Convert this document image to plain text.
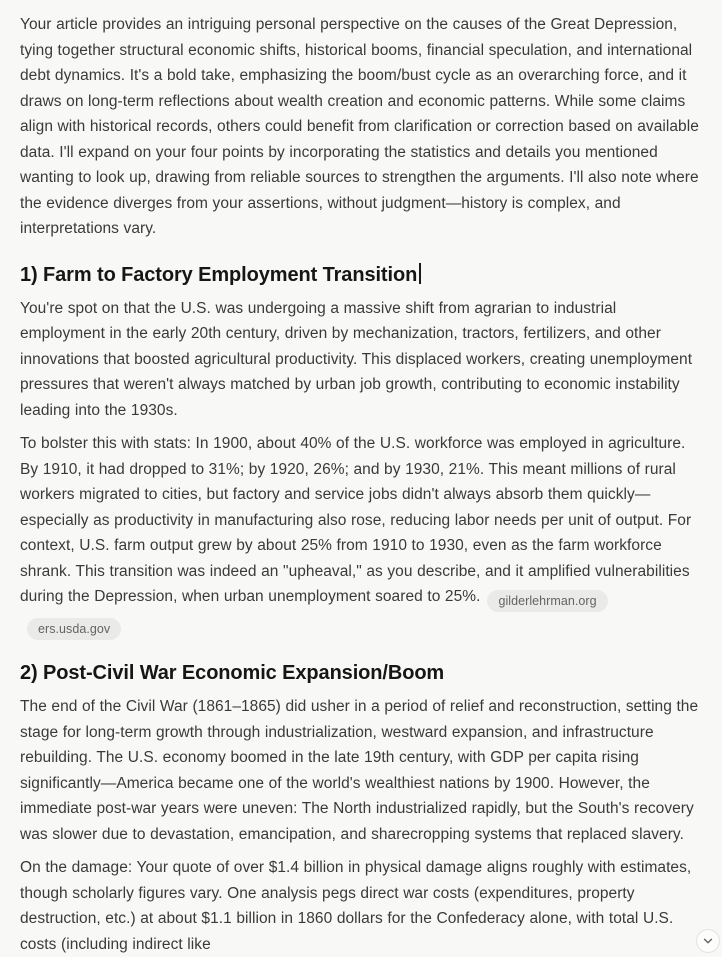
Your article provides an intriguing personal perspective on the causes of the Great Depression, tying together structural economic shifts, historical booms, financial speculation, and international debt dynamics. It's a bold take, emphasizing the boom/bust cycle as an overarching force, and it draws on long-term reflections about wealth creation and economic patterns. While some claims align with historical records, others could benefit from clarification or correction based on available data. I'll expand on your four points by incorporating the statistics and details you mentioned wanting to look up, drawing from reliable sources to strengthen the arguments. I'll also note where the evidence diverges from your assertions, without judgment—history is complex, and interpretations vary.

1) Farm to Factory Employment Transition

You're spot on that the U.S. was undergoing a massive shift from agrarian to industrial employment in the early 20th century, driven by mechanization, tractors, fertilizers, and other innovations that boosted agricultural productivity. This displaced workers, creating unemployment pressures that weren't always matched by urban job growth, contributing to economic instability leading into the 1930s.

To bolster this with stats: In 1900, about 40% of the U.S. workforce was employed in agriculture. By 1910, it had dropped to 31%; by 1920, 26%; and by 1930, 21%. This meant millions of rural workers migrated to cities, but factory and service jobs didn't always absorb them quickly—especially as productivity in manufacturing also rose, reducing labor needs per unit of output. For context, U.S. farm output grew by about 25% from 1910 to 1930, even as the farm workforce shrank. This transition was indeed an "upheaval," as you describe, and it amplified vulnerabilities during the Depression, when urban unemployment soared to 25%. gilderlehrman.orgers.usda.gov

2) Post-Civil War Economic Expansion/Boom

The end of the Civil War (1861–1865) did usher in a period of relief and reconstruction, setting the stage for long-term growth through industrialization, westward expansion, and infrastructure rebuilding. The U.S. economy boomed in the late 19th century, with GDP per capita rising significantly—America became one of the world's wealthiest nations by 1900. However, the immediate post-war years were uneven: The North industrialized rapidly, but the South's recovery was slower due to devastation, emancipation, and sharecropping systems that replaced slavery.

On the damage: Your quote of over $1.4 billion in physical damage aligns roughly with estimates, though scholarly figures vary. One analysis pegs direct war costs (expenditures, property destruction, etc.) at about $1.1 billion in 1860 dollars for the Confederacy alone, with total U.S. costs (including indirect like
